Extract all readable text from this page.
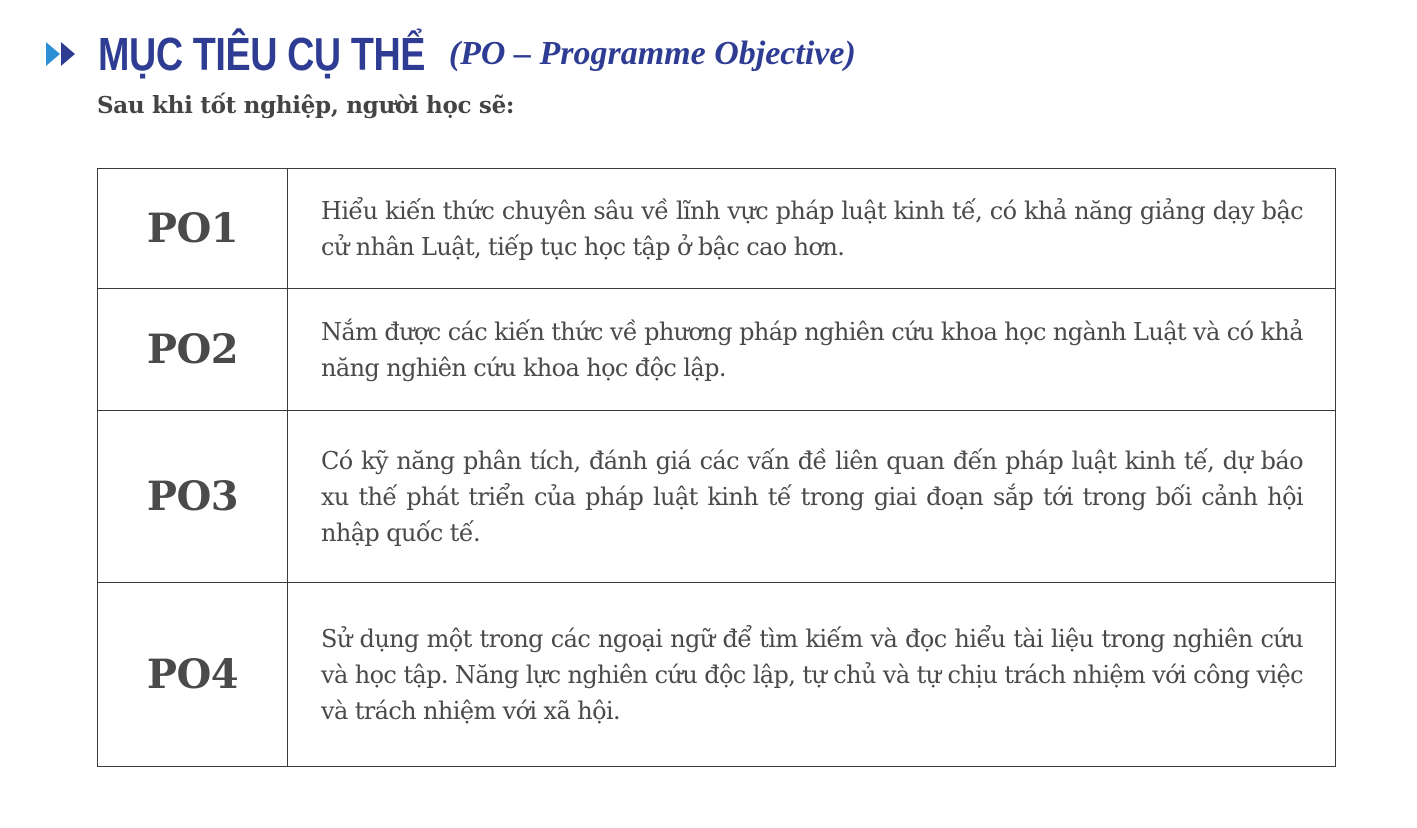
MỤC TIÊU CỤ THỂ (PO – Programme Objective)
Sau khi tốt nghiệp, người học sẽ:
PO1	Hiểu kiến thức chuyên sâu về lĩnh vực pháp luật kinh tế, có khả năng giảng dạy bậc cử nhân Luật, tiếp tục học tập ở bậc cao hơn.
PO2	Nắm được các kiến thức về phương pháp nghiên cứu khoa học ngành Luật và có khả năng nghiên cứu khoa học độc lập.
PO3	Có kỹ năng phân tích, đánh giá các vấn đề liên quan đến pháp luật kinh tế, dự báo xu thế phát triển của pháp luật kinh tế trong giai đoạn sắp tới trong bối cảnh hội nhập quốc tế.
PO4	Sử dụng một trong các ngoại ngữ để tìm kiếm và đọc hiểu tài liệu trong nghiên cứu và học tập. Năng lực nghiên cứu độc lập, tự chủ và tự chịu trách nhiệm với công việc và trách nhiệm với xã hội.
